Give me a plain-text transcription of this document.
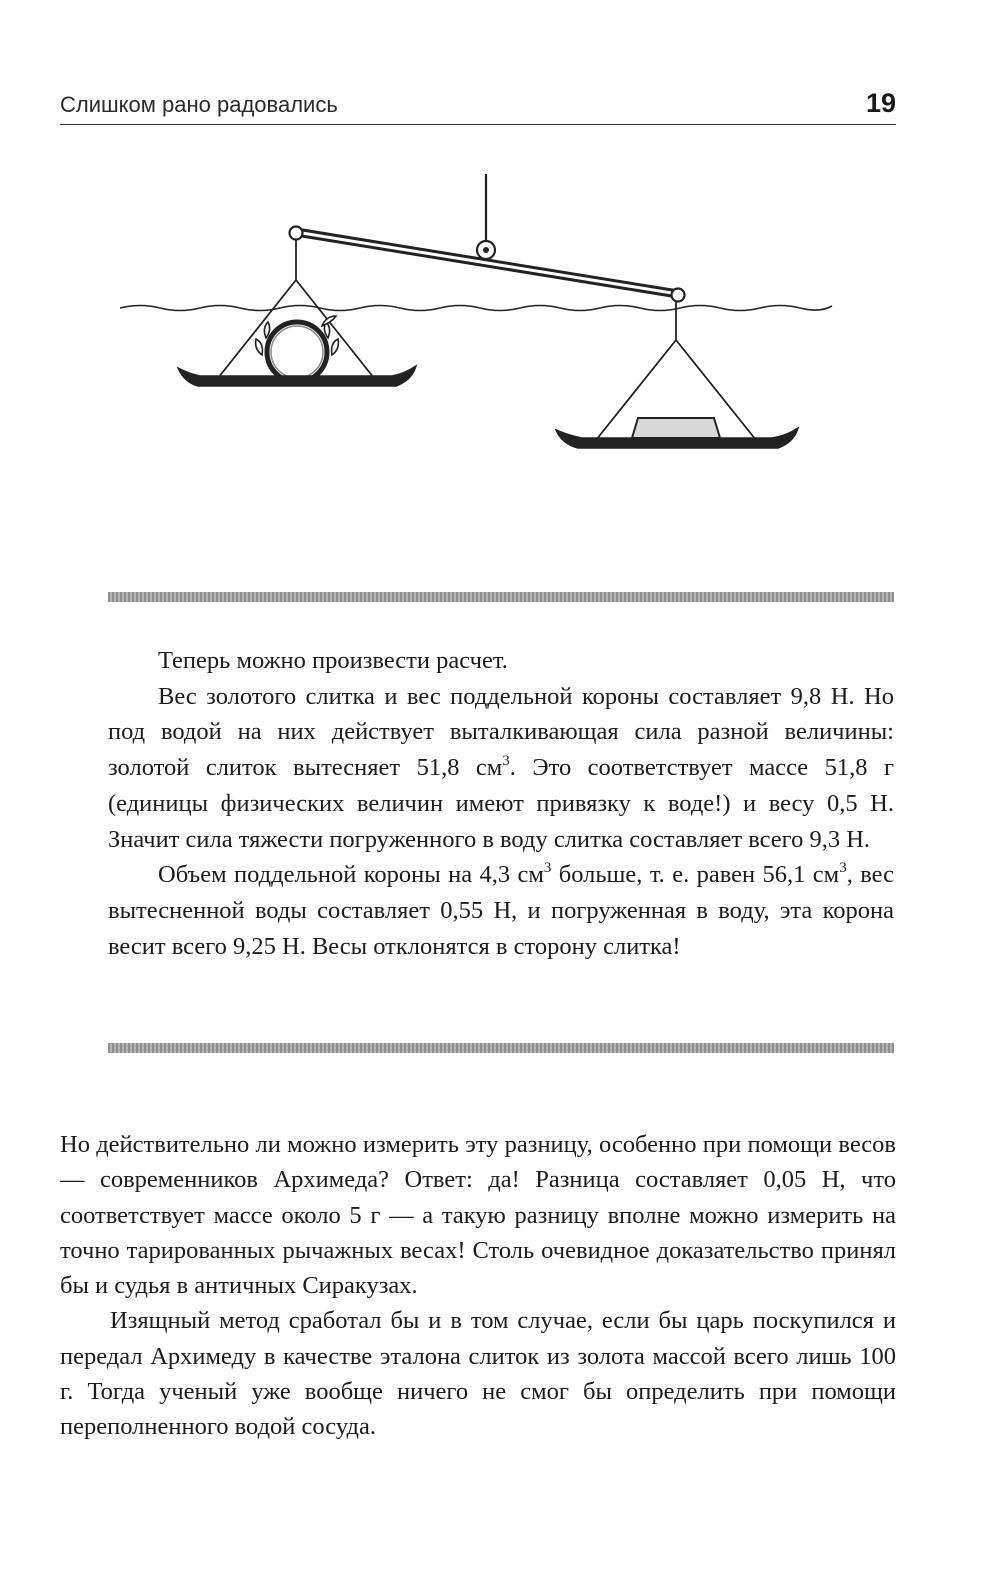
Слишком рано радовались	19

Теперь можно произвести расчет.

Вес золотого слитка и вес поддельной короны составляет 9,8 Н. Но под водой на них действует выталкивающая сила разной величины: золотой слиток вытесняет 51,8 $см^3$. Это соответствует массе 51,8 г (единицы физических величин имеют привязку к воде!) и весу 0,5 Н. Значит сила тяжести погруженного в воду слитка составляет всего 9,3 Н.

Объем поддельной короны на 4,3 $см^3$ больше, т. е. равен 56,1 $см^3$, вес вытесненной воды составляет 0,55 Н, и погруженная в воду, эта корона весит всего 9,25 Н. Весы отклонятся в сторону слитка!

Но действительно ли можно измерить эту разницу, особенно при помощи весов — современников Архимеда? Ответ: да! Разница составляет 0,05 Н, что соответствует массе около 5 г — а такую разницу вполне можно измерить на точно тарированных рычажных весах! Столь очевидное доказательство принял бы и судья в античных Сиракузах.

Изящный метод сработал бы и в том случае, если бы царь поскупился и передал Архимеду в качестве эталона слиток из золота массой всего лишь 100 г. Тогда ученый уже вообще ничего не смог бы определить при помощи переполненного водой сосуда.
